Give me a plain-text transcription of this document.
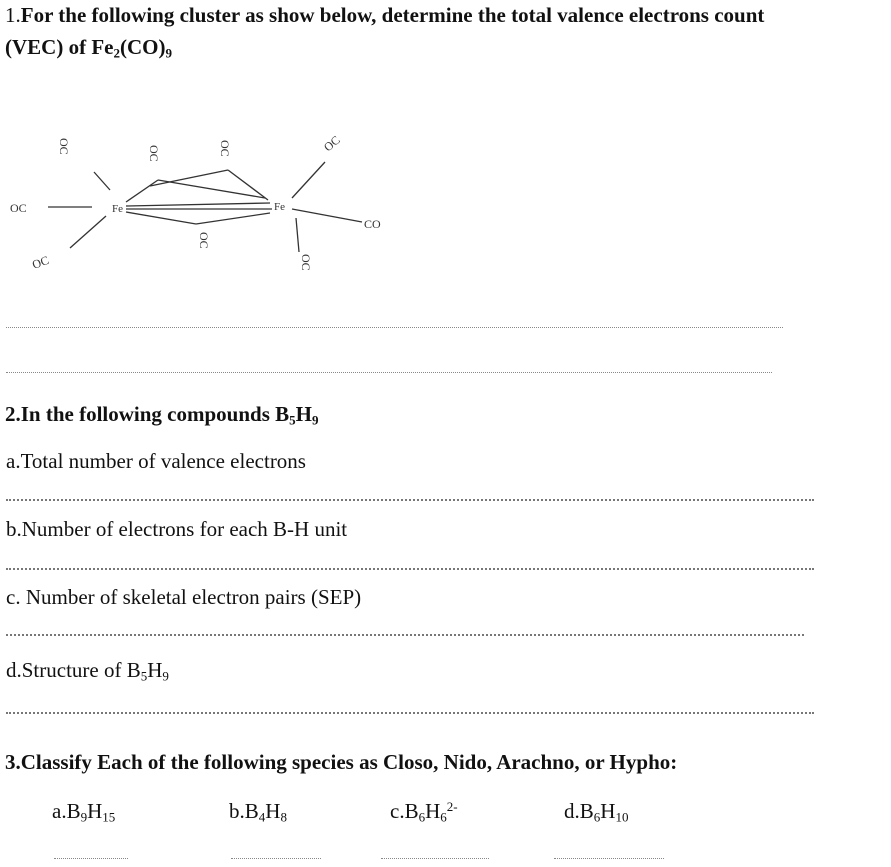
1.For the following cluster as show below, determine the total valence electrons count
(VEC) of $Fe_2(CO)_9$
Fe	Fe
OC
CO
OC
OC	OC	OC
OC
OC
OC
2.In the following compounds $B_5H_9$
a.Total number of valence electrons
b.Number of electrons for each B-H unit
c. Number of skeletal electron pairs (SEP)
d.Structure of $B_5H_9$
3.Classify Each of the following species as Closo, Nido, Arachno, or Hypho:
$a.B_9H_{15}$	$b.B_4H_8$	$c.B_6H_6^{2-}$	$d.B_6H_{10}$
